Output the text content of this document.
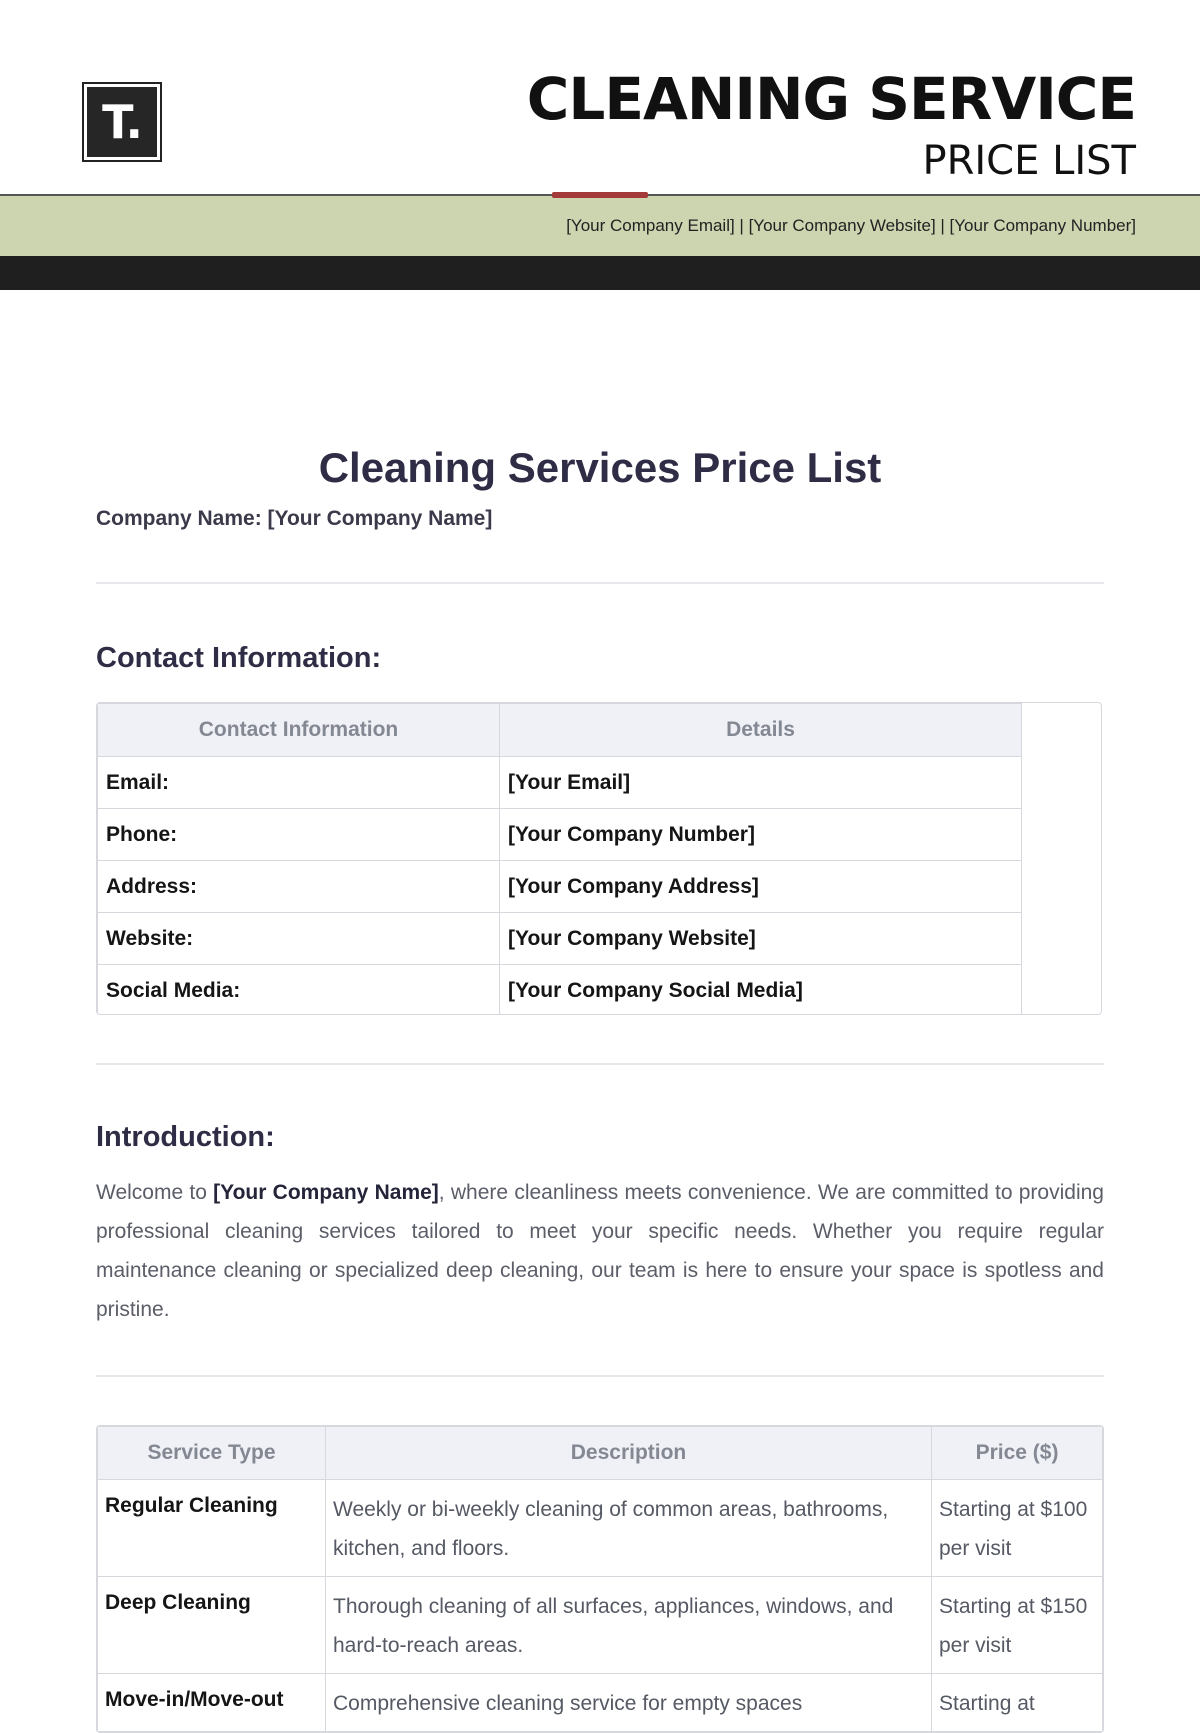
T.	CLEANING SERVICE
PRICE LIST
[Your Company Email] | [Your Company Website] | [Your Company Number]
Cleaning Services Price List
Company Name: [Your Company Name]
Contact Information:
Contact Information	Details
Email:	[Your Email]
Phone:	[Your Company Number]
Address:	[Your Company Address]
Website:	[Your Company Website]
Social Media:	[Your Company Social Media]
Introduction:

Welcome to [Your Company Name], where cleanliness meets convenience. We are committed to providing professional cleaning services tailored to meet your specific needs. Whether you require regular maintenance cleaning or specialized deep cleaning, our team is here to ensure your space is spotless and pristine.

Service Type	Description	Price ($)
Regular Cleaning	Weekly or bi-weekly cleaning of common areas, bathrooms, kitchen, and floors.	Starting at $100 per visit
Deep Cleaning	Thorough cleaning of all surfaces, appliances, windows, and hard-to-reach areas.	Starting at $150 per visit
Move-in/Move-out	Comprehensive cleaning service for empty spaces	Starting at
